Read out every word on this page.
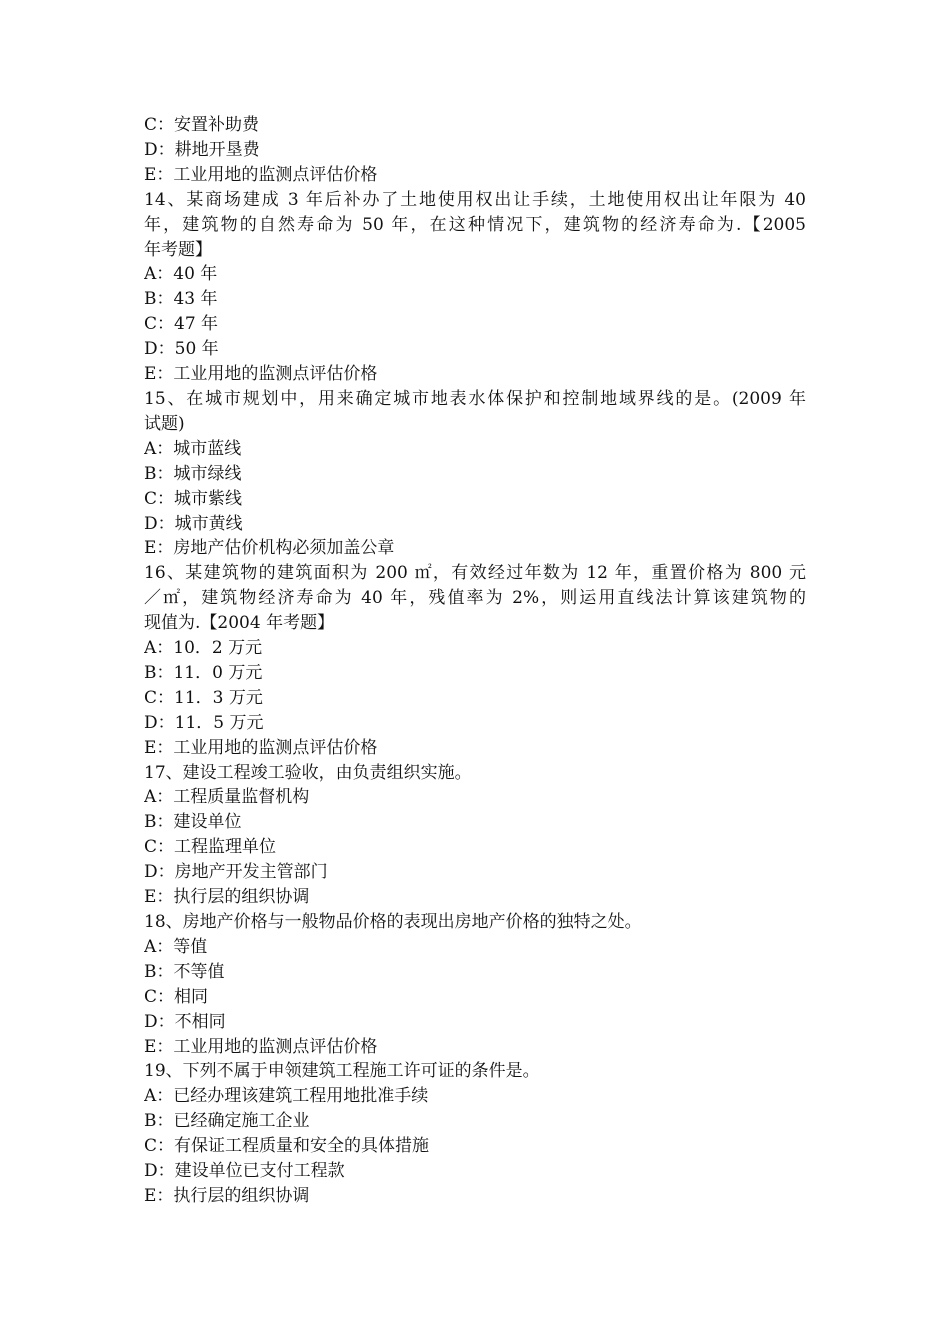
C：安置补助费
D：耕地开垦费
E：工业用地的监测点评估价格
14、某商场建成 3 年后补办了土地使用权出让手续，土地使用权出让年限为 40
年，建筑物的自然寿命为 50 年，在这种情况下，建筑物的经济寿命为.【2005
年考题】
A：40 年
B：43 年
C：47 年
D：50 年
E：工业用地的监测点评估价格
15、在城市规划中，用来确定城市地表水体保护和控制地域界线的是。(2009 年
试题)
A：城市蓝线
B：城市绿线
C：城市紫线
D：城市黄线
E：房地产估价机构必须加盖公章
16、某建筑物的建筑面积为 200 ㎡，有效经过年数为 12 年，重置价格为 800 元
／㎡，建筑物经济寿命为 40 年，残值率为 2%，则运用直线法计算该建筑物的
现值为.【2004 年考题】
A：10．2 万元
B：11．0 万元
C：11．3 万元
D：11．5 万元
E：工业用地的监测点评估价格
17、建设工程竣工验收，由负责组织实施。
A：工程质量监督机构
B：建设单位
C：工程监理单位
D：房地产开发主管部门
E：执行层的组织协调
18、房地产价格与一般物品价格的表现出房地产价格的独特之处。
A：等值
B：不等值
C：相同
D：不相同
E：工业用地的监测点评估价格
19、下列不属于申领建筑工程施工许可证的条件是。
A：已经办理该建筑工程用地批准手续
B：已经确定施工企业
C：有保证工程质量和安全的具体措施
D：建设单位已支付工程款
E：执行层的组织协调
